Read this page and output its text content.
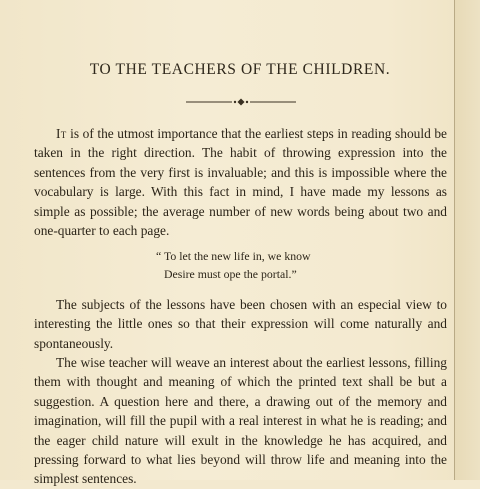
TO THE TEACHERS OF THE CHILDREN.
It is of the utmost importance that the earliest steps in reading should be taken in the right direction. The habit of throwing expression into the sentences from the very first is invaluable; and this is impossible where the vocabulary is large. With this fact in mind, I have made my lessons as simple as possible; the average number of new words being about two and one-quarter to each page.
“ To let the new life in, we know
Desire must ope the portal.”
The subjects of the lessons have been chosen with an especial view to interesting the little ones so that their expression will come naturally and spontaneously.
The wise teacher will weave an interest about the earliest lessons, filling them with thought and meaning of which the printed text shall be but a suggestion. A question here and there, a drawing out of the memory and imagination, will fill the pupil with a real interest in what he is reading; and the eager child nature will exult in the knowledge he has acquired, and pressing forward to what lies beyond will throw life and meaning into the simplest sentences.
